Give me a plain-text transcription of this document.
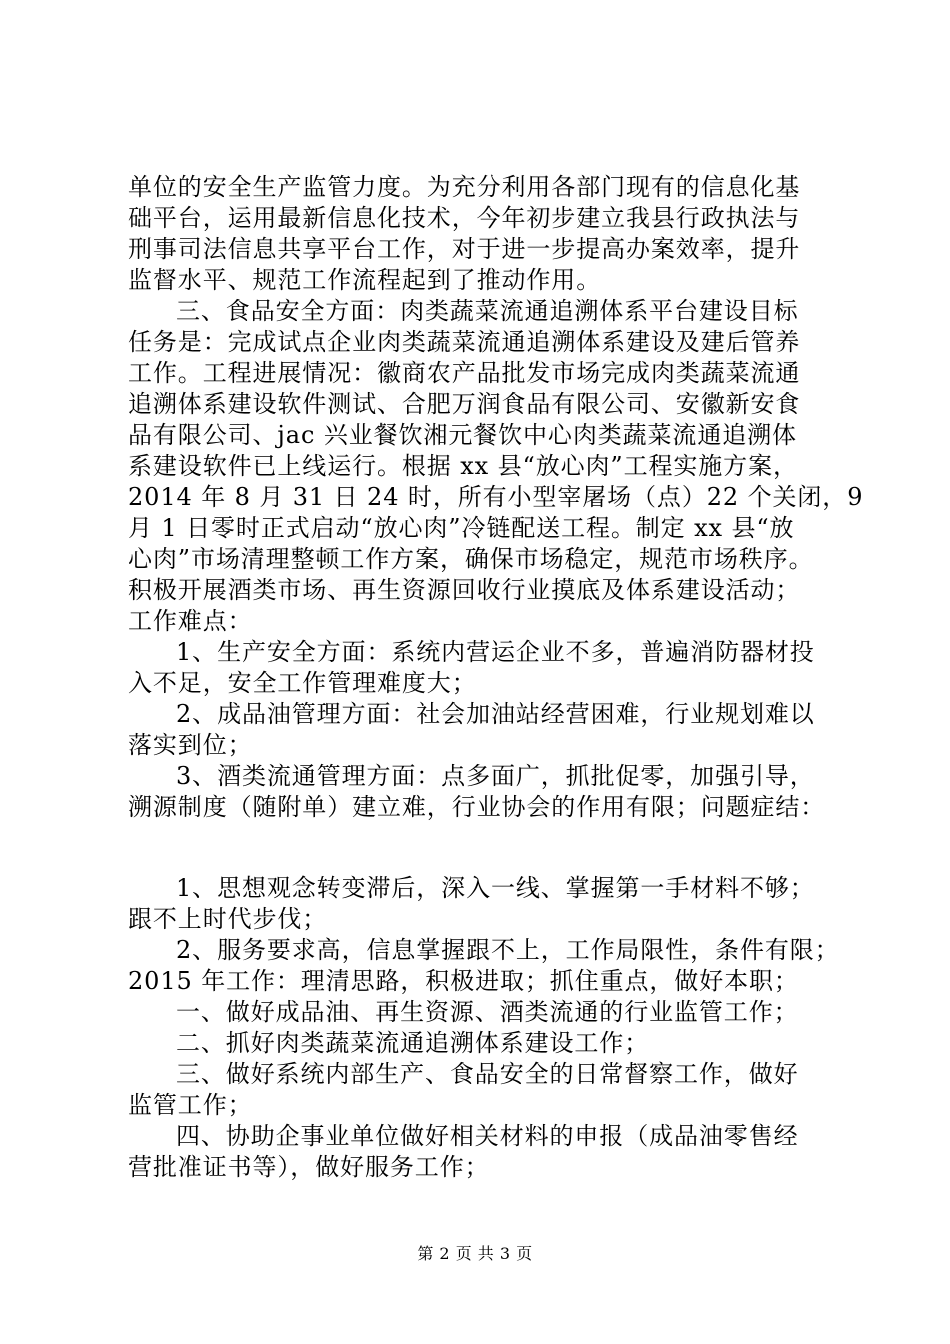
单位的安全生产监管力度。为充分利用各部门现有的信息化基
础平台，运用最新信息化技术，今年初步建立我县行政执法与
刑事司法信息共享平台工作，对于进一步提高办案效率，提升
监督水平、规范工作流程起到了推动作用。
三、食品安全方面：肉类蔬菜流通追溯体系平台建设目标
任务是：完成试点企业肉类蔬菜流通追溯体系建设及建后管养
工作。工程进展情况：徽商农产品批发市场完成肉类蔬菜流通
追溯体系建设软件测试、合肥万润食品有限公司、安徽新安食
品有限公司、jac 兴业餐饮湘元餐饮中心肉类蔬菜流通追溯体
系建设软件已上线运行。根据 xx 县“放心肉”工程实施方案，
2014 年 8 月 31 日 24 时，所有小型宰屠场（点）22 个关闭，9
月 1 日零时正式启动“放心肉”冷链配送工程。制定 xx 县“放
心肉”市场清理整顿工作方案，确保市场稳定，规范市场秩序。
积极开展酒类市场、再生资源回收行业摸底及体系建设活动；
工作难点：
1、生产安全方面：系统内营运企业不多，普遍消防器材投
入不足，安全工作管理难度大；
2、成品油管理方面：社会加油站经营困难，行业规划难以
落实到位；
3、酒类流通管理方面：点多面广，抓批促零，加强引导，
溯源制度（随附单）建立难，行业协会的作用有限；问题症结：
1、思想观念转变滞后，深入一线、掌握第一手材料不够；
跟不上时代步伐；
2、服务要求高，信息掌握跟不上，工作局限性，条件有限；
2015 年工作：理清思路，积极进取；抓住重点，做好本职；
一、做好成品油、再生资源、酒类流通的行业监管工作；
二、抓好肉类蔬菜流通追溯体系建设工作；
三、做好系统内部生产、食品安全的日常督察工作，做好
监管工作；
四、协助企事业单位做好相关材料的申报（成品油零售经
营批准证书等），做好服务工作；
第 2 页 共 3 页
